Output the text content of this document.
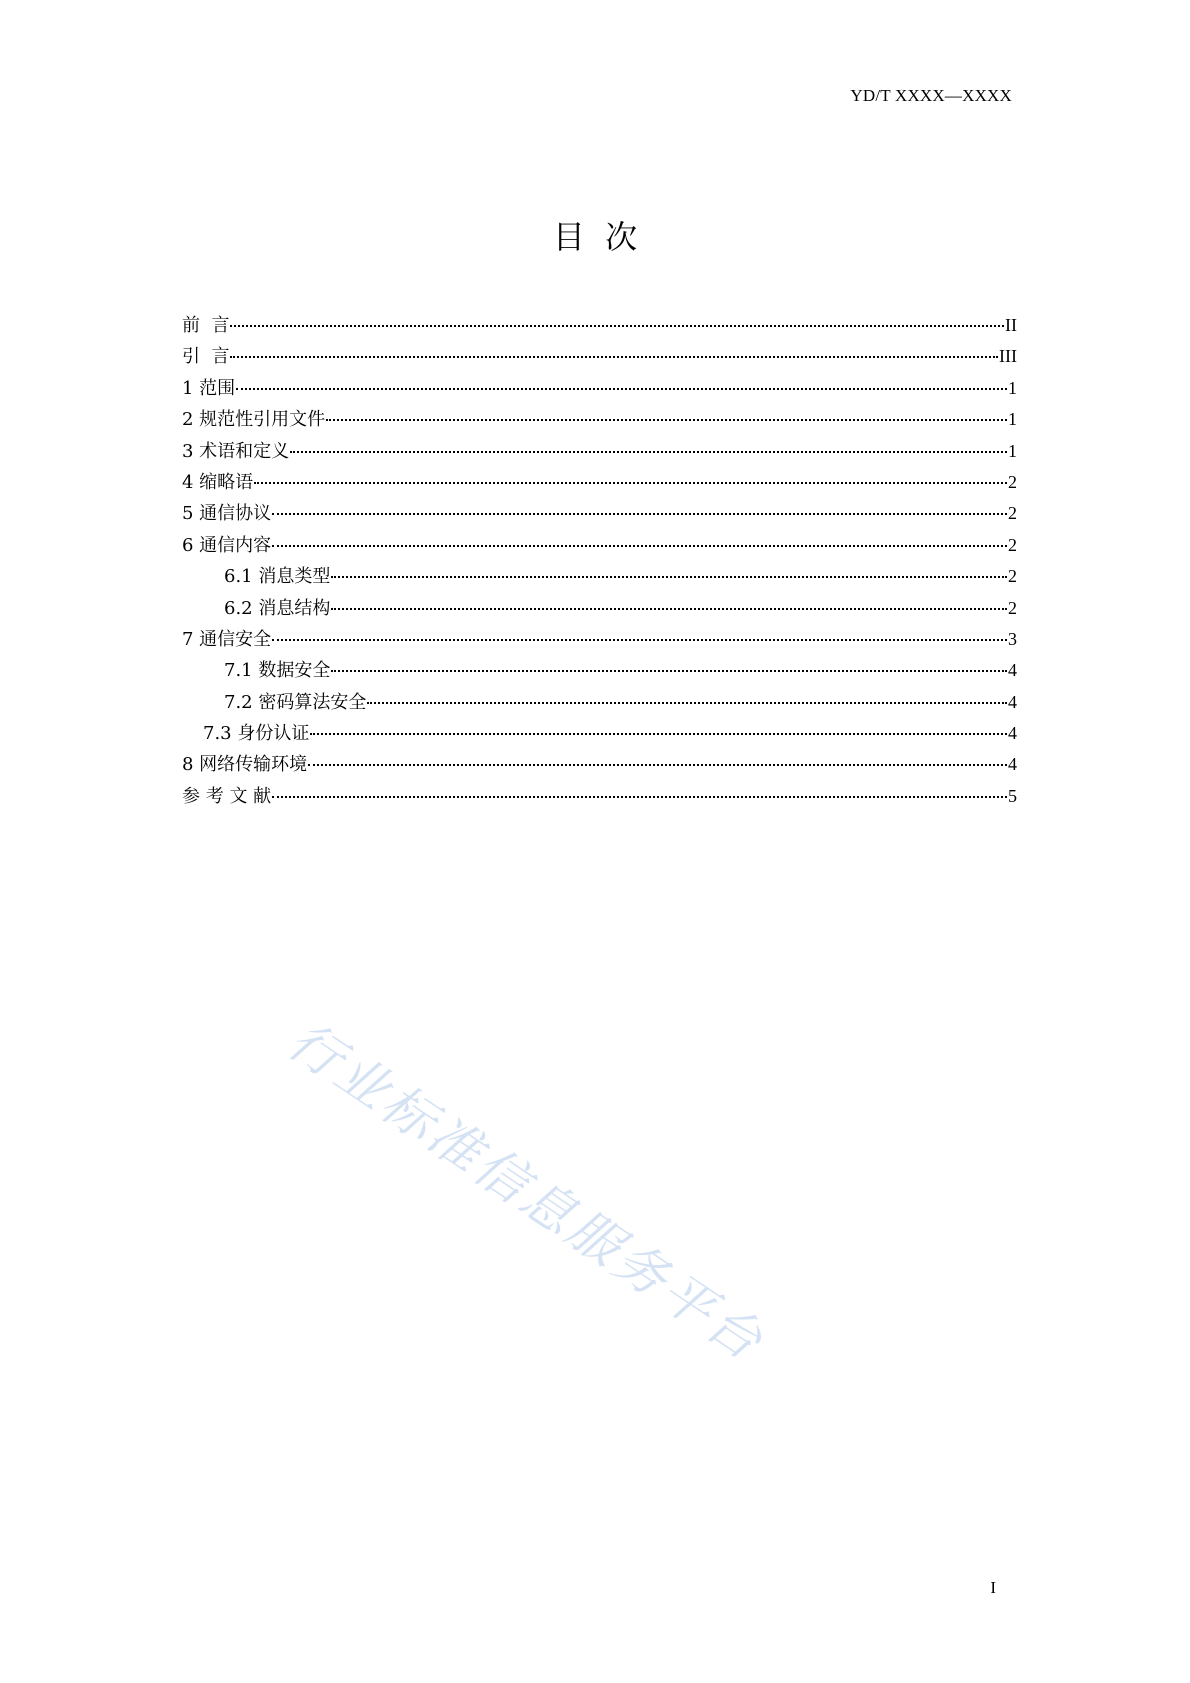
YD/T XXXX—XXXX
目  次
前  言	II
引  言	III
1 范围	1
2 规范性引用文件	1
3 术语和定义	1
4 缩略语	2
5 通信协议	2
6 通信内容	2
6.1 消息类型	2
6.2 消息结构	2
7 通信安全	3
7.1 数据安全	4
7.2 密码算法安全	4
7.3 身份认证	4
8 网络传输环境	4
参 考 文 献	5
行业标准信息服务平台
I
